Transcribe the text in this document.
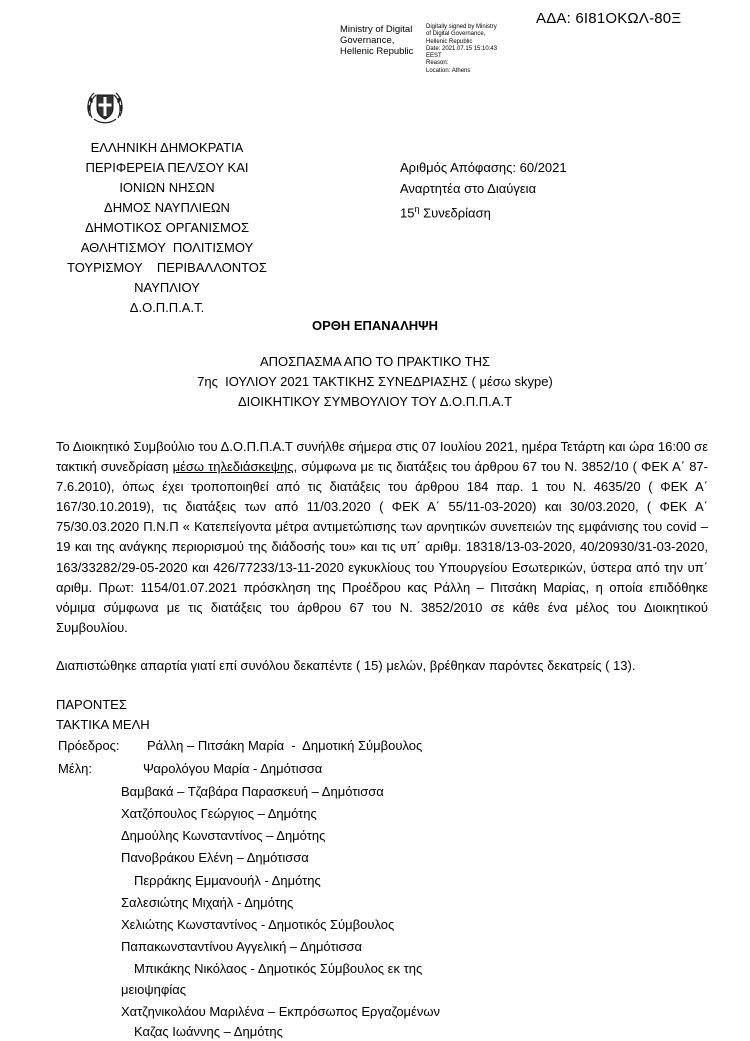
ΑΔΑ: 6Ι81ΟΚΩΛ-80Ξ
Ministry of Digital
Governance,
Hellenic Republic
Digitally signed by Ministry
of Digital Governance,
Hellenic Republic
Date: 2021.07.15 15:10:43
EEST
Reason:
Location: Athens
ΕΛΛΗΝΙΚΗ ΔΗΜΟΚΡΑΤΙΑ
ΠΕΡΙΦΕΡΕΙΑ ΠΕΛ/ΣΟΥ ΚΑΙ
ΙΟΝΙΩΝ ΝΗΣΩΝ
ΔΗΜΟΣ ΝΑΥΠΛΙΕΩΝ
ΔΗΜΟΤΙΚΟΣ ΟΡΓΑΝΙΣΜΟΣ
ΑΘΛΗΤΙΣΜΟΥ  ΠΟΛΙΤΙΣΜΟΥ
ΤΟΥΡΙΣΜΟΥ    ΠΕΡΙΒΑΛΛΟΝΤΟΣ
ΝΑΥΠΛΙΟΥ
Δ.Ο.Π.Π.Α.Τ.
Αριθμός Απόφασης: 60/2021
Αναρτητέα στο Διαύγεια
$15^\eta$ Συνεδρίαση
ΟΡΘΗ ΕΠΑΝΑΛΗΨΗ
ΑΠΟΣΠΑΣΜΑ ΑΠΟ ΤΟ ΠΡΑΚΤΙΚΟ ΤΗΣ
7ης  ΙΟΥΛΙΟΥ 2021 ΤΑΚΤΙΚΗΣ ΣΥΝΕΔΡΙΑΣΗΣ ( μέσω skype)
ΔΙΟΙΚΗΤΙΚΟΥ ΣΥΜΒΟΥΛΙΟΥ ΤΟΥ Δ.Ο.Π.Π.Α.Τ

Το Διοικητικό Συμβούλιο του Δ.Ο.Π.Π.Α.Τ συνήλθε σήμερα στις 07 Ιουλίου 2021, ημέρα Τετάρτη και ώρα 16:00 σε τακτική συνεδρίαση μέσω τηλεδιάσκεψης, σύμφωνα με τις διατάξεις του άρθρου 67 του Ν. 3852/10 ( ΦΕΚ Α΄ 87-7.6.2010), όπως έχει τροποποιηθεί από τις διατάξεις του άρθρου 184 παρ. 1 του Ν. 4635/20 ( ΦΕΚ Α΄ 167/30.10.2019), τις διατάξεις των από 11/03.2020 ( ΦΕΚ Α΄ 55/11-03-2020) και 30/03.2020, ( ΦΕΚ Α΄ 75/30.03.2020 Π.Ν.Π « Κατεπείγοντα μέτρα αντιμετώπισης των αρνητικών συνεπειών της εμφάνισης του covid – 19 και της ανάγκης περιορισμού της διάδοσής του» και τις υπ΄ αριθμ. 18318/13-03-2020, 40/20930/31-03-2020, 163/33282/29-05-2020 και 426/77233/13-11-2020 εγκυκλίους του Υπουργείου Εσωτερικών, ύστερα από την υπ΄ αριθμ. Πρωτ: 1154/01.07.2021 πρόσκληση της Προέδρου κας Ράλλη – Πιτσάκη Μαρίας, η οποία επιδόθηκε νόμιμα σύμφωνα με τις διατάξεις του άρθρου 67 του Ν. 3852/2010 σε κάθε ένα μέλος του Διοικητικού Συμβουλίου.

Διαπιστώθηκε απαρτία γιατί επί συνόλου δεκαπέντε ( 15) μελών, βρέθηκαν παρόντες δεκατρείς ( 13).
ΠΑΡΟΝΤΕΣ
ΤΑΚΤΙΚΑ ΜΕΛΗ
Πρόεδρος: Ράλλη – Πιτσάκη Μαρία  -  Δημοτική Σύμβουλος
Μέλη:	Ψαρολόγου Μαρία - Δημότισσα
Βαμβακά – Τζαβάρα Παρασκευή – Δημότισσα
Χατζόπουλος Γεώργιος – Δημότης
Δημούλης Κωνσταντίνος – Δημότης
Πανοβράκου Ελένη – Δημότισσα
Περράκης Εμμανουήλ - Δημότης
Σαλεσιώτης Μιχαήλ - Δημότης
Χελιώτης Κωνσταντίνος - Δημοτικός Σύμβουλος
Παπακωνσταντίνου Αγγελική – Δημότισσα
Μπικάκης Νικόλαος - Δημοτικός Σύμβουλος εκ της
μειοψηφίας
Χατζηνικολάου Μαριλένα – Εκπρόσωπος Εργαζομένων
Καζας Ιωάννης – Δημότης
